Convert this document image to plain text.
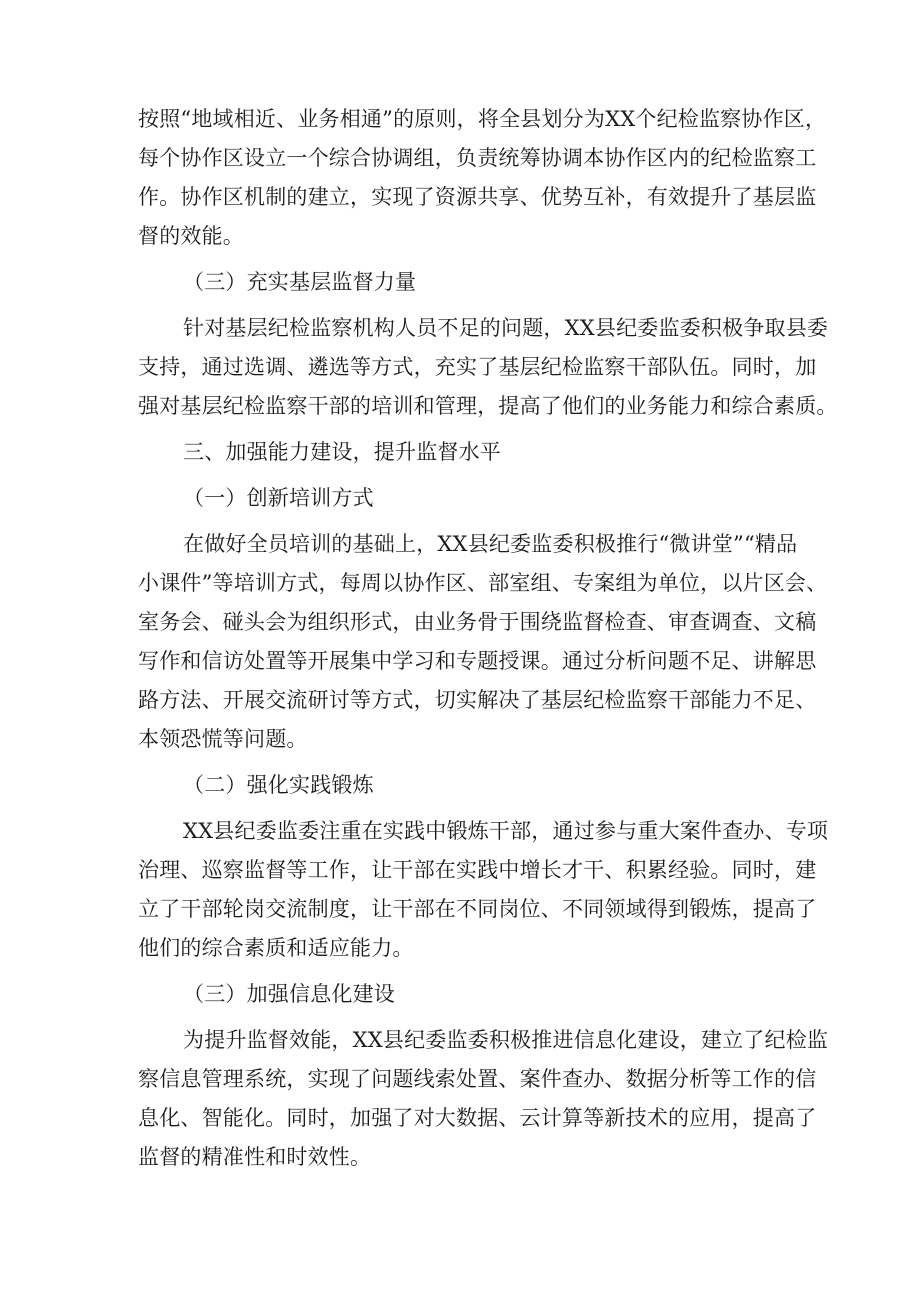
按照“地域相近、业务相通”的原则，将全县划分为XX个纪检监察协作区，
每个协作区设立一个综合协调组，负责统筹协调本协作区内的纪检监察工
作。协作区机制的建立，实现了资源共享、优势互补，有效提升了基层监
督的效能。

（三）充实基层监督力量

针对基层纪检监察机构人员不足的问题，XX县纪委监委积极争取县委
支持，通过选调、遴选等方式，充实了基层纪检监察干部队伍。同时，加
强对基层纪检监察干部的培训和管理，提高了他们的业务能力和综合素质。

三、加强能力建设，提升监督水平

（一）创新培训方式

在做好全员培训的基础上，XX县纪委监委积极推行“微讲堂”“精品
小课件”等培训方式，每周以协作区、部室组、专案组为单位，以片区会、
室务会、碰头会为组织形式，由业务骨于围绕监督检查、审查调查、文稿
写作和信访处置等开展集中学习和专题授课。通过分析问题不足、讲解思
路方法、开展交流研讨等方式，切实解决了基层纪检监察干部能力不足、
本领恐慌等问题。

（二）强化实践锻炼

XX县纪委监委注重在实践中锻炼干部，通过参与重大案件查办、专项
治理、巡察监督等工作，让干部在实践中增长才干、积累经验。同时，建
立了干部轮岗交流制度，让干部在不同岗位、不同领域得到锻炼，提高了
他们的综合素质和适应能力。

（三）加强信息化建设

为提升监督效能，XX县纪委监委积极推进信息化建设，建立了纪检监
察信息管理系统，实现了问题线索处置、案件查办、数据分析等工作的信
息化、智能化。同时，加强了对大数据、云计算等新技术的应用，提高了
监督的精准性和时效性。
